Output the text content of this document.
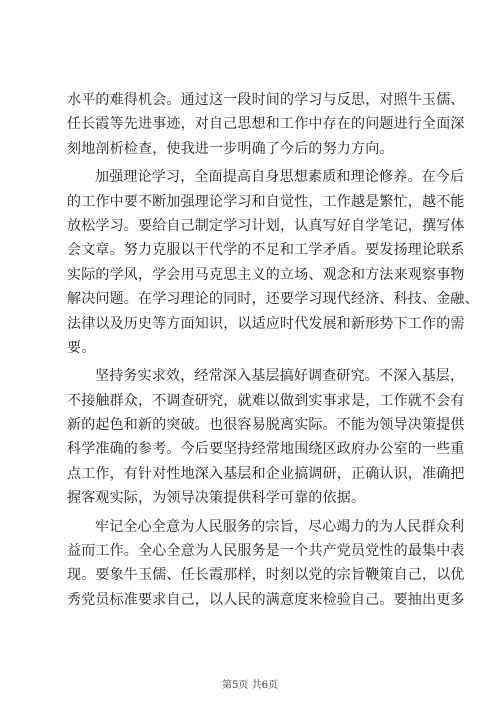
水平的难得机会。通过这一段时间的学习与反思，对照牛玉儒、
任长霞等先进事迹，对自己思想和工作中存在的问题进行全面深
刻地剖析检查，使我进一步明确了今后的努力方向。
加强理论学习，全面提高自身思想素质和理论修养。在今后
的工作中要不断加强理论学习和自觉性，工作越是繁忙，越不能
放松学习。要给自己制定学习计划，认真写好自学笔记，撰写体
会文章。努力克服以干代学的不足和工学矛盾。要发扬理论联系
实际的学风，学会用马克思主义的立场、观念和方法来观察事物
解决问题。在学习理论的同时，还要学习现代经济、科技、金融、
法律以及历史等方面知识，以适应时代发展和新形势下工作的需
要。
坚持务实求效，经常深入基层搞好调查研究。不深入基层，
不接触群众，不调查研究，就难以做到实事求是，工作就不会有
新的起色和新的突破。也很容易脱离实际。不能为领导决策提供
科学准确的参考。今后要坚持经常地围绕区政府办公室的一些重
点工作，有针对性地深入基层和企业搞调研，正确认识，准确把
握客观实际，为领导决策提供科学可靠的依据。
牢记全心全意为人民服务的宗旨，尽心竭力的为人民群众利
益而工作。全心全意为人民服务是一个共产党员党性的最集中表
现。要象牛玉儒、任长霞那样，时刻以党的宗旨鞭策自己，以优
秀党员标准要求自己，以人民的满意度来检验自己。要抽出更多
第5页 共6页
